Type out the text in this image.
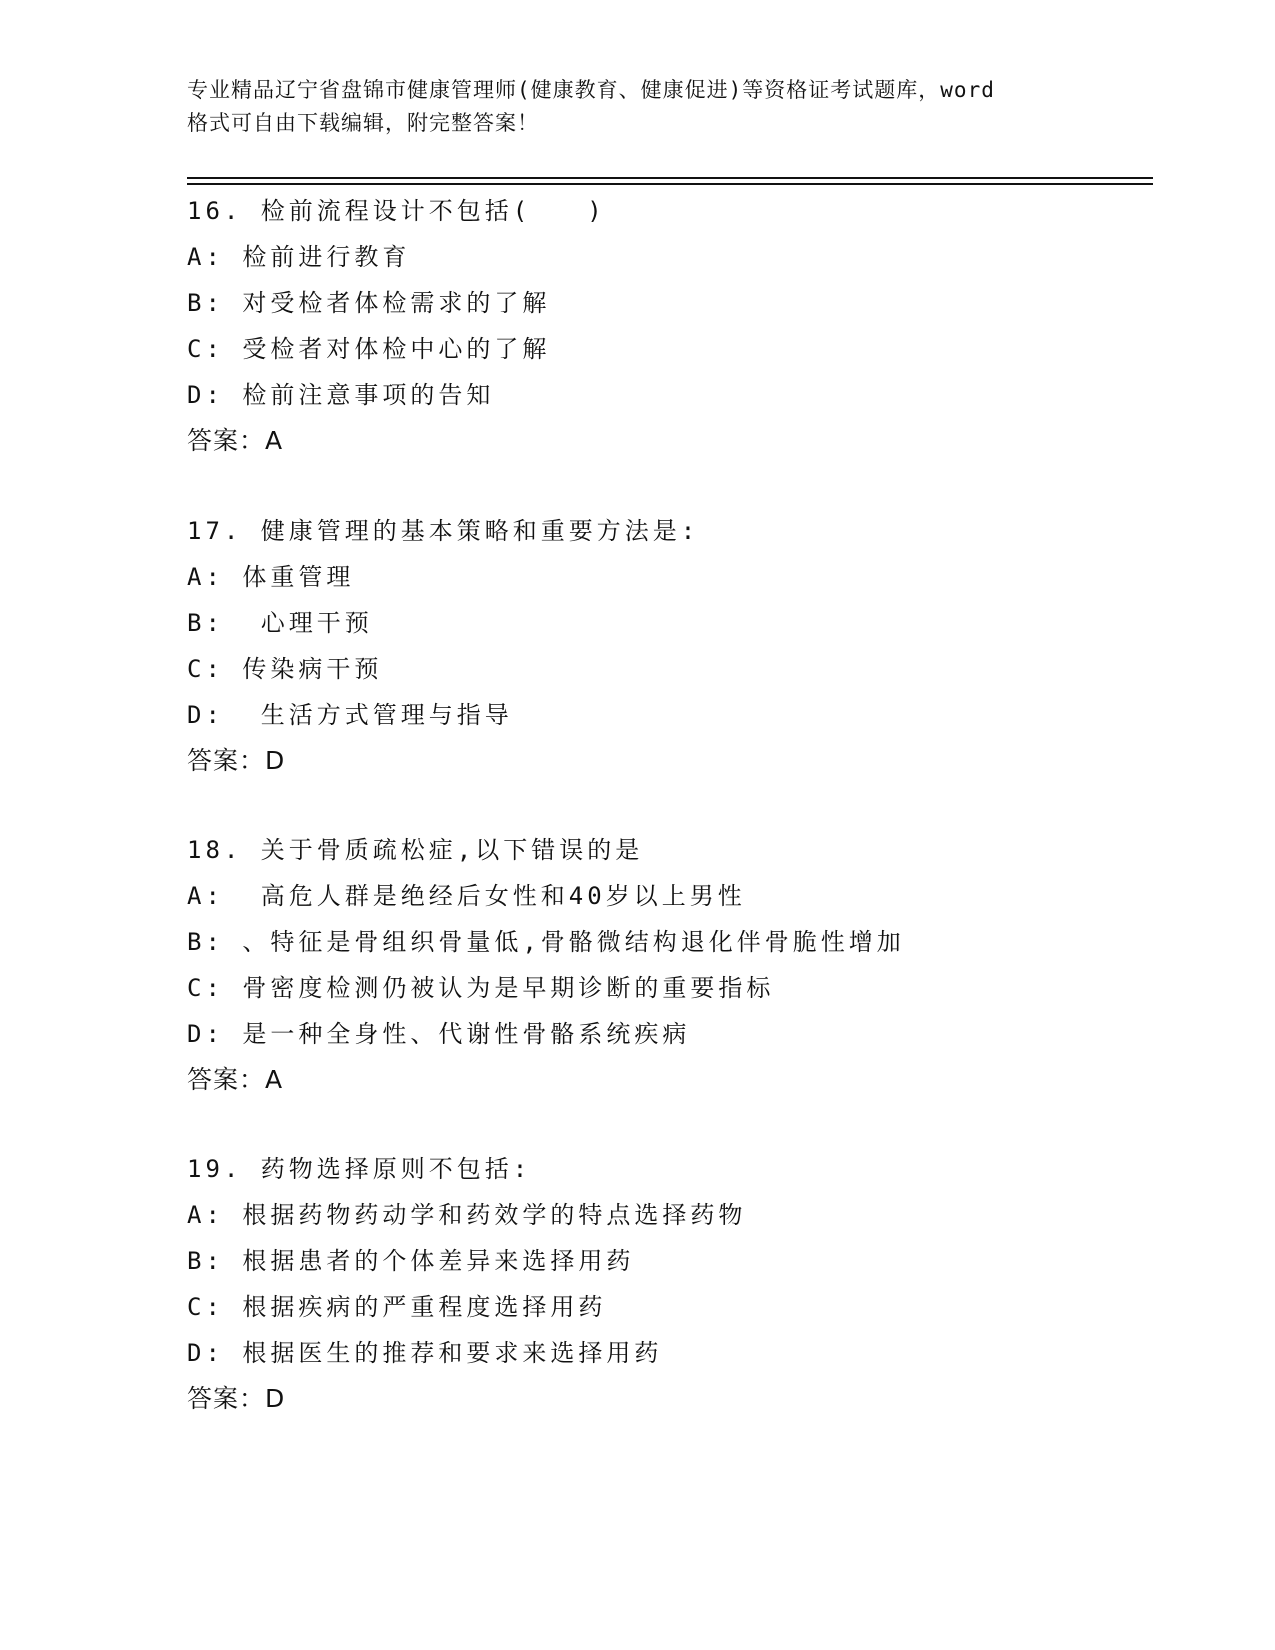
专业精品辽宁省盘锦市健康管理师(健康教育、健康促进)等资格证考试题库，word
格式可自由下载编辑，附完整答案！
16. 检前流程设计不包括(　　)
A: 检前进行教育
B: 对受检者体检需求的了解
C: 受检者对体检中心的了解
D: 检前注意事项的告知
答案：A
17. 健康管理的基本策略和重要方法是:
A: 体重管理
B:  心理干预
C: 传染病干预
D:  生活方式管理与指导
答案：D
18. 关于骨质疏松症,以下错误的是
A:  高危人群是绝经后女性和40岁以上男性
B: 、特征是骨组织骨量低,骨骼微结构退化伴骨脆性增加
C: 骨密度检测仍被认为是早期诊断的重要指标
D: 是一种全身性、代谢性骨骼系统疾病
答案：A
19. 药物选择原则不包括:
A: 根据药物药动学和药效学的特点选择药物
B: 根据患者的个体差异来选择用药
C: 根据疾病的严重程度选择用药
D: 根据医生的推荐和要求来选择用药
答案：D
